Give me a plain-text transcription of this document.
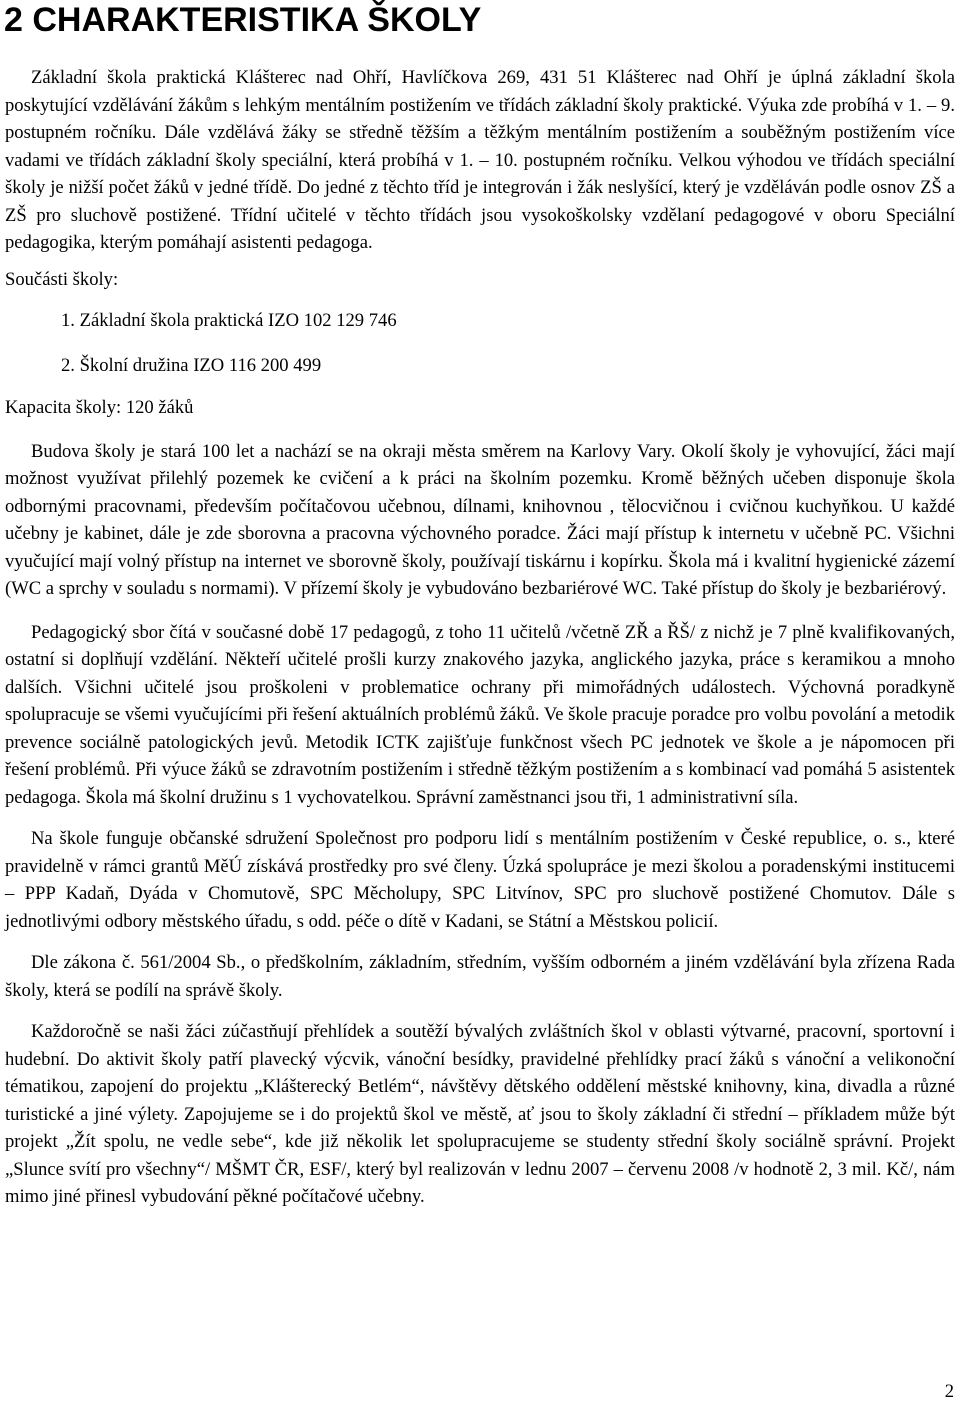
2 CHARAKTERISTIKA ŠKOLY

Základní škola praktická Klášterec nad Ohří, Havlíčkova 269, 431 51 Klášterec nad Ohří je úplná základní škola poskytující vzdělávání žákům s lehkým mentálním postižením ve třídách základní školy praktické. Výuka zde probíhá v 1. – 9. postupném ročníku. Dále vzdělává žáky se středně těžším a těžkým mentálním postižením a souběžným postižením více vadami ve třídách základní školy speciální, která probíhá v 1. – 10. postupném ročníku. Velkou výhodou ve třídách speciální školy je nižší počet žáků v jedné třídě. Do jedné z těchto tříd je integrován i žák neslyšící, který je vzděláván podle osnov ZŠ a ZŠ pro sluchově postižené. Třídní učitelé v těchto třídách jsou vysokoškolsky vzdělaní pedagogové v oboru Speciální pedagogika, kterým pomáhají asistenti pedagoga.

Součásti školy:

1. Základní škola praktická IZO 102 129 746
2. Školní družina IZO 116 200 499

Kapacita školy: 120 žáků

Budova školy je stará 100 let a nachází se na okraji města směrem na Karlovy Vary. Okolí školy je vyhovující, žáci mají možnost využívat přilehlý pozemek ke cvičení a k práci na školním pozemku. Kromě běžných učeben disponuje škola odbornými pracovnami, především počítačovou učebnou, dílnami, knihovnou , tělocvičnou i cvičnou kuchyňkou. U každé učebny je kabinet, dále je zde sborovna a pracovna výchovného poradce. Žáci mají přístup k internetu v učebně PC. Všichni vyučující mají volný přístup na internet ve sborovně školy, používají tiskárnu i kopírku. Škola má i kvalitní hygienické zázemí (WC a sprchy v souladu s normami). V přízemí školy je vybudováno bezbariérové WC. Také přístup do školy je bezbariérový.

Pedagogický sbor čítá v současné době 17 pedagogů, z toho 11 učitelů /včetně ZŘ a ŘŠ/ z nichž je 7 plně kvalifikovaných, ostatní si doplňují vzdělání. Někteří učitelé prošli kurzy znakového jazyka, anglického jazyka, práce s keramikou a mnoho dalších. Všichni učitelé jsou proškoleni v problematice ochrany při mimořádných událostech. Výchovná poradkyně spolupracuje se všemi vyučujícími při řešení aktuálních problémů žáků. Ve škole pracuje poradce pro volbu povolání a metodik prevence sociálně patologických jevů. Metodik ICTK zajišťuje funkčnost všech PC jednotek ve škole a je nápomocen při řešení problémů. Při výuce žáků se zdravotním postižením i středně těžkým postižením a s kombinací vad pomáhá 5 asistentek pedagoga. Škola má školní družinu s 1 vychovatelkou. Správní zaměstnanci jsou tři, 1 administrativní síla.

Na škole funguje občanské sdružení Společnost pro podporu lidí s mentálním postižením v České republice, o. s., které pravidelně v rámci grantů MěÚ získává prostředky pro své členy. Úzká spolupráce je mezi školou a poradenskými institucemi – PPP Kadaň, Dyáda v Chomutově, SPC Měcholupy, SPC Litvínov, SPC pro sluchově postižené Chomutov. Dále s jednotlivými odbory městského úřadu, s odd. péče o dítě v Kadani, se Státní a Městskou policií.

Dle zákona č. 561/2004 Sb., o předškolním, základním, středním, vyšším odborném a jiném vzdělávání byla zřízena Rada školy, která se podílí na správě školy.

Každoročně se naši žáci zúčastňují přehlídek a soutěží bývalých zvláštních škol v oblasti výtvarné, pracovní, sportovní i hudební. Do aktivit školy patří plavecký výcvik, vánoční besídky, pravidelné přehlídky prací žáků s vánoční a velikonoční tématikou, zapojení do projektu „Klášterecký Betlém“, návštěvy dětského oddělení městské knihovny, kina, divadla a různé turistické a jiné výlety. Zapojujeme se i do projektů škol ve městě, ať jsou to školy základní či střední – příkladem může být projekt „Žít spolu, ne vedle sebe“, kde již několik let spolupracujeme se studenty střední školy sociálně správní. Projekt „Slunce svítí pro všechny“/ MŠMT ČR, ESF/, který byl realizován v lednu 2007 – červenu 2008 /v hodnotě 2, 3 mil. Kč/, nám mimo jiné přinesl vybudování pěkné počítačové učebny.

2
